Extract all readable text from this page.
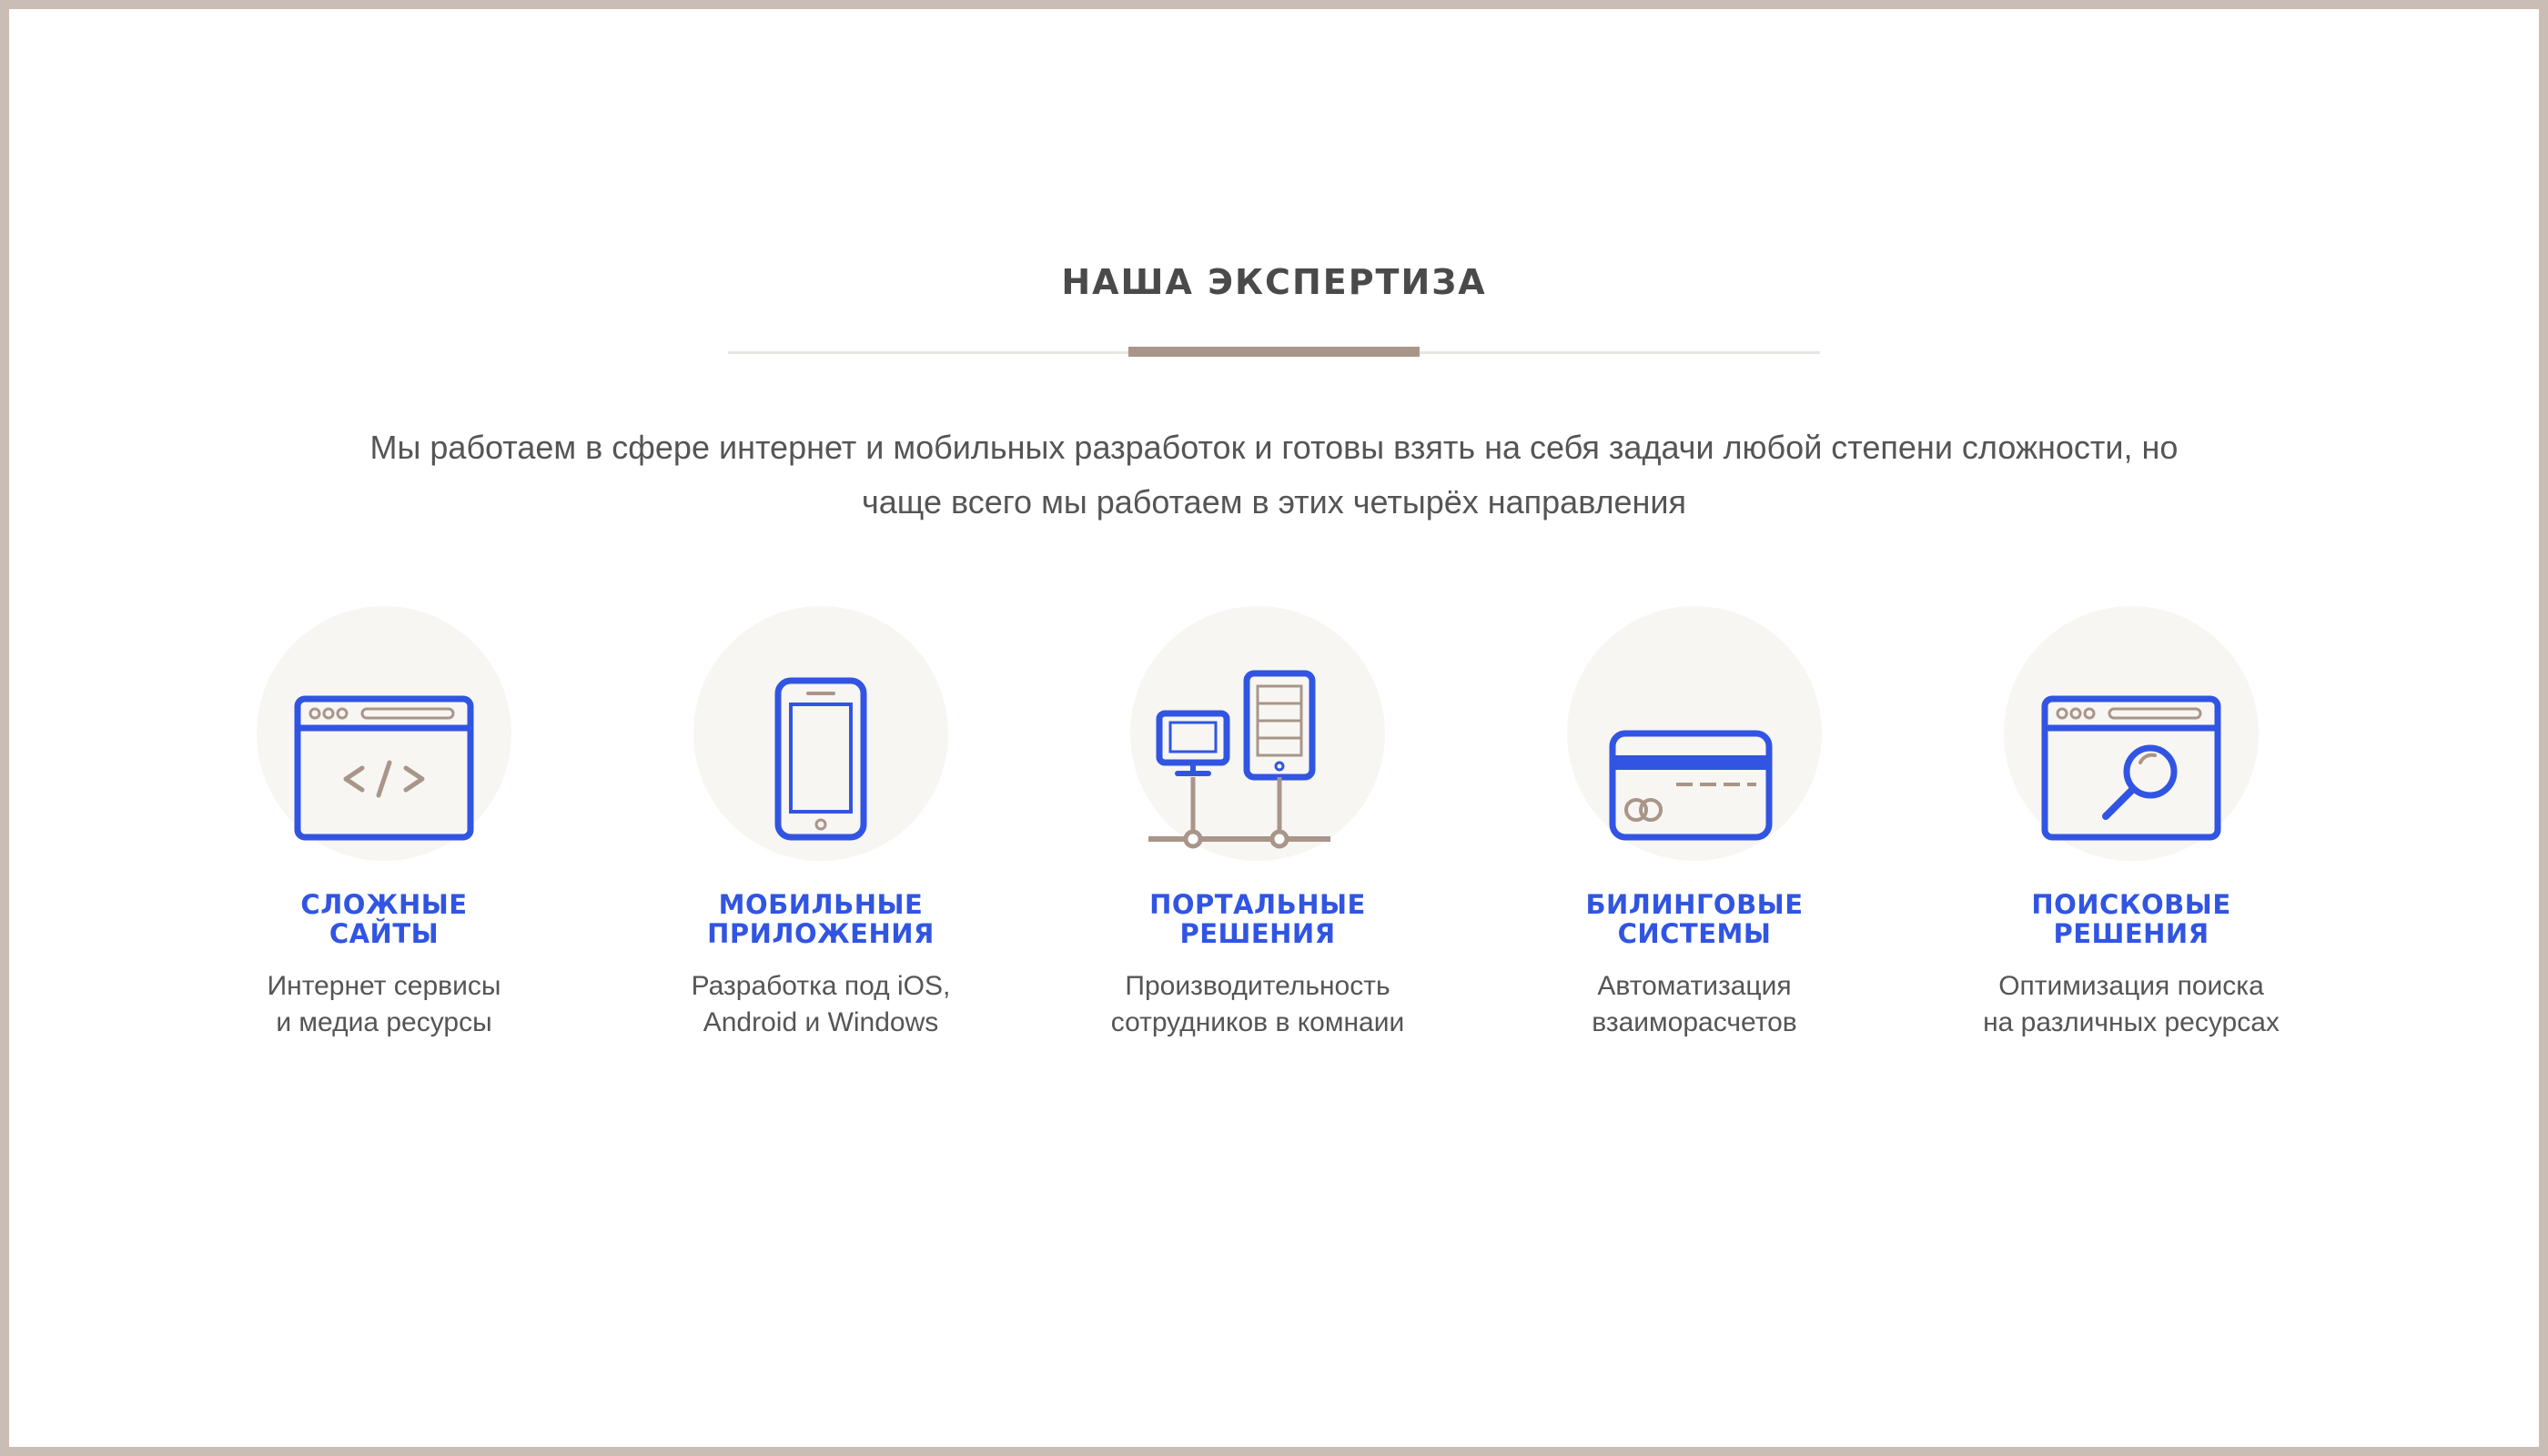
НАША ЭКСПЕРТИЗА

Мы работаем в сфере интернет и мобильных разработок и готовы взять на себя задачи любой степени сложности, но чаще всего мы работаем в этих четырёх направления

СЛОЖНЫЕ
САЙТЫ
Интернет сервисы
и медиа ресурсы
МОБИЛЬНЫЕ
ПРИЛОЖЕНИЯ
Разработка под iOS,
Android и Windows
ПОРТАЛЬНЫЕ
РЕШЕНИЯ
Производительность
сотрудников в комнаии
БИЛИНГОВЫЕ
СИСТЕМЫ
Автоматизация
взаиморасчетов
ПОИСКОВЫЕ
РЕШЕНИЯ
Оптимизация поиска
на различных ресурсах
